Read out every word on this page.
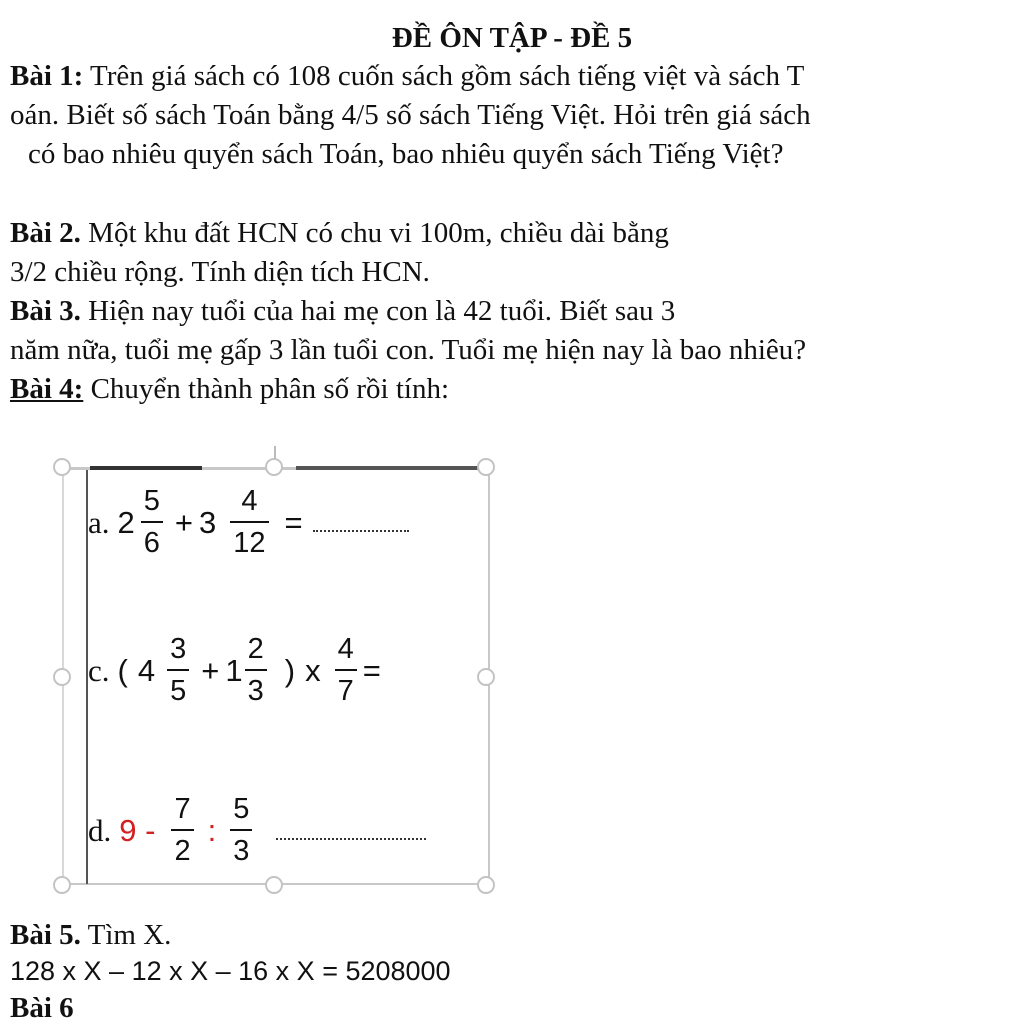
ĐỀ ÔN TẬP - ĐỀ 5
Bài 1: Trên giá sách có 108 cuốn sách gồm sách tiếng việt và sách T
oán. Biết số sách Toán bằng 4/5 số sách Tiếng Việt. Hỏi trên giá sách
có bao nhiêu quyển sách Toán, bao nhiêu quyển sách Tiếng Việt?
Bài 2. Một khu đất HCN có chu vi 100m, chiều dài bằng
3/2 chiều rộng. Tính diện tích HCN.
Bài 3. Hiện nay tuổi của hai mẹ con là 42 tuổi. Biết sau 3
năm nữa, tuổi mẹ gấp 3 lần tuổi con. Tuổi mẹ hiện nay là bao nhiêu?
Bài 4: Chuyển thành phân số rồi tính:
a. $2 \frac{5}{6} + 3 \frac{4}{12}$ =
c. ( $4 \frac{3}{5} + 1 \frac{2}{3}$ ) x $\frac{4}{7}$ =
d. $9 - \frac{7}{2}$ : $\frac{5}{3}$
Bài 5. Tìm X.
128 x X – 12 x X – 16 x X = 5208000
Bài 6
